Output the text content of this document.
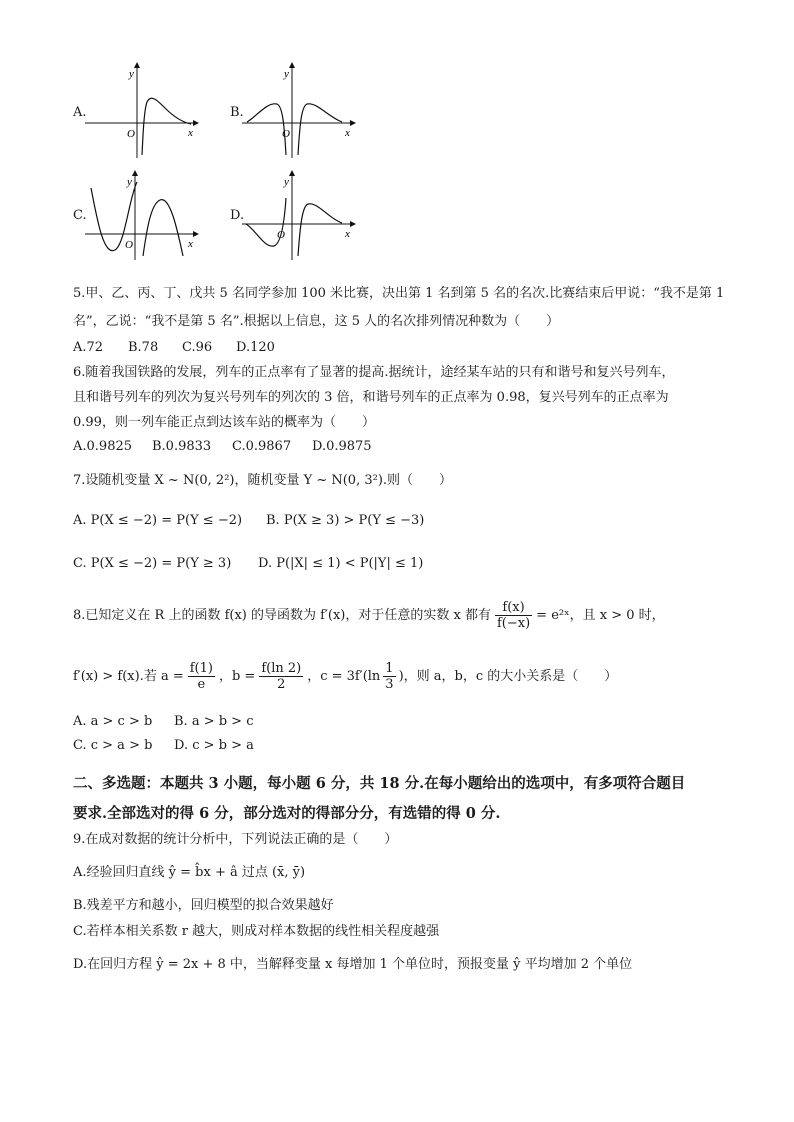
A.
y
x
O
B.
y
x
O
C.
y
x
O
D.
y
x
O
5.甲、乙、丙、丁、戊共 5 名同学参加 100 米比赛，决出第 1 名到第 5 名的名次.比赛结束后甲说：“我不是第 1
名”，乙说：“我不是第 5 名”.根据以上信息，这 5 人的名次排列情况种数为（　　）
A.72 B.78 C.96 D.120
6.随着我国铁路的发展，列车的正点率有了显著的提高.据统计，途经某车站的只有和谐号和复兴号列车，
且和谐号列车的列次为复兴号列车的列次的 3 倍，和谐号列车的正点率为 0.98，复兴号列车的正点率为
0.99，则一列车能正点到达该车站的概率为（　　）
A.0.9825 B.0.9833 C.0.9867 D.0.9875
7.设随机变量 X ~ N(0, 2²)，随机变量 Y ~ N(0, 3²).则（　　）
A. P(X ≤ −2) = P(Y ≤ −2) B. P(X ≥ 3) > P(Y ≤ −3)
C. P(X ≤ −2) = P(Y ≥ 3) D. P(|X| ≤ 1) < P(|Y| ≤ 1)
8.已知定义在 R 上的函数 f(x) 的导函数为 f′(x)，对于任意的实数 x 都有 $\frac{f(x)}{f(-x)}$ = e²ˣ，且 x > 0 时，
f′(x) > f(x).若 $a = \frac{f(1)}{e}$ ，$b = \frac{f(\ln 2)}{2}$ ，$c = 3f'(\ln \frac{1}{3}$ )，则 a，b，c 的大小关系是（　　）
A. a > c > b B. a > b > c
C. c > a > b D. c > b > a
二、多选题：本题共 3 小题，每小题 6 分，共 18 分.在每小题给出的选项中，有多项符合题目
要求.全部选对的得 6 分，部分选对的得部分分，有选错的得 0 分.
9.在成对数据的统计分析中，下列说法正确的是（　　）
A.经验回归直线 ŷ = b̂x + â 过点 (x̄, ȳ)
B.残差平方和越小，回归模型的拟合效果越好
C.若样本相关系数 r 越大，则成对样本数据的线性相关程度越强
D.在回归方程 ŷ = 2x + 8 中，当解释变量 x 每增加 1 个单位时，预报变量 ŷ 平均增加 2 个单位
